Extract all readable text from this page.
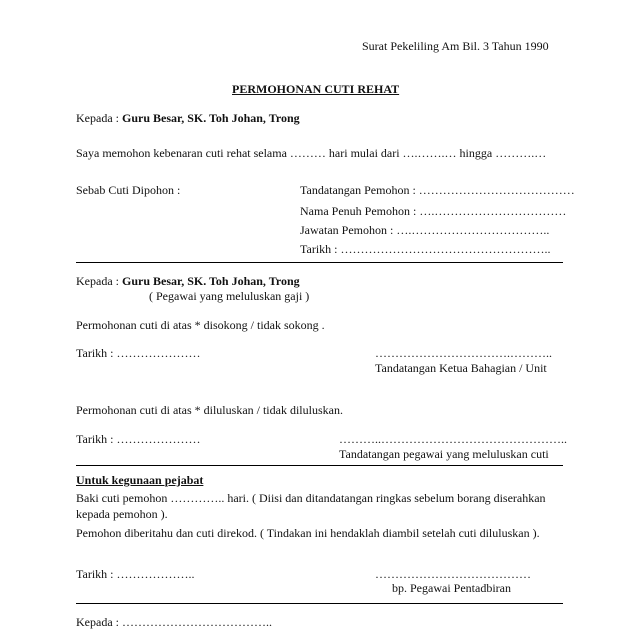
Surat Pekeliling Am Bil. 3 Tahun 1990
PERMOHONAN CUTI REHAT
Kepada : Guru Besar, SK. Toh Johan, Trong
Saya memohon kebenaran cuti rehat selama ……… hari mulai dari ….…….… hingga ……….…
Sebab Cuti Dipohon :	Tandatangan Pemohon : …………………………………
Nama Penuh Pemohon : ….……………………………
Jawatan Pemohon : ….……………………………..
Tarikh : ……………………………………………..
Kepada : Guru Besar, SK. Toh Johan, Trong
( Pegawai yang meluluskan gaji )
Permohonan cuti di atas * disokong / tidak sokong .
Tarikh : …………………	…………………………….………..
Tandatangan Ketua Bahagian / Unit
Permohonan cuti di atas * diluluskan / tidak diluluskan.
Tarikh : …………………	………..………………………………………..
Tandatangan pegawai yang meluluskan cuti
Untuk kegunaan pejabat
Baki cuti pemohon ………….. hari. ( Diisi dan ditandatangan ringkas sebelum borang diserahkan
kepada pemohon ).
Pemohon diberitahu dan cuti direkod. ( Tindakan ini hendaklah diambil setelah cuti diluluskan ).
Tarikh : ………………..	…………………………………
bp. Pegawai Pentadbiran
Kepada : ………………………………..
